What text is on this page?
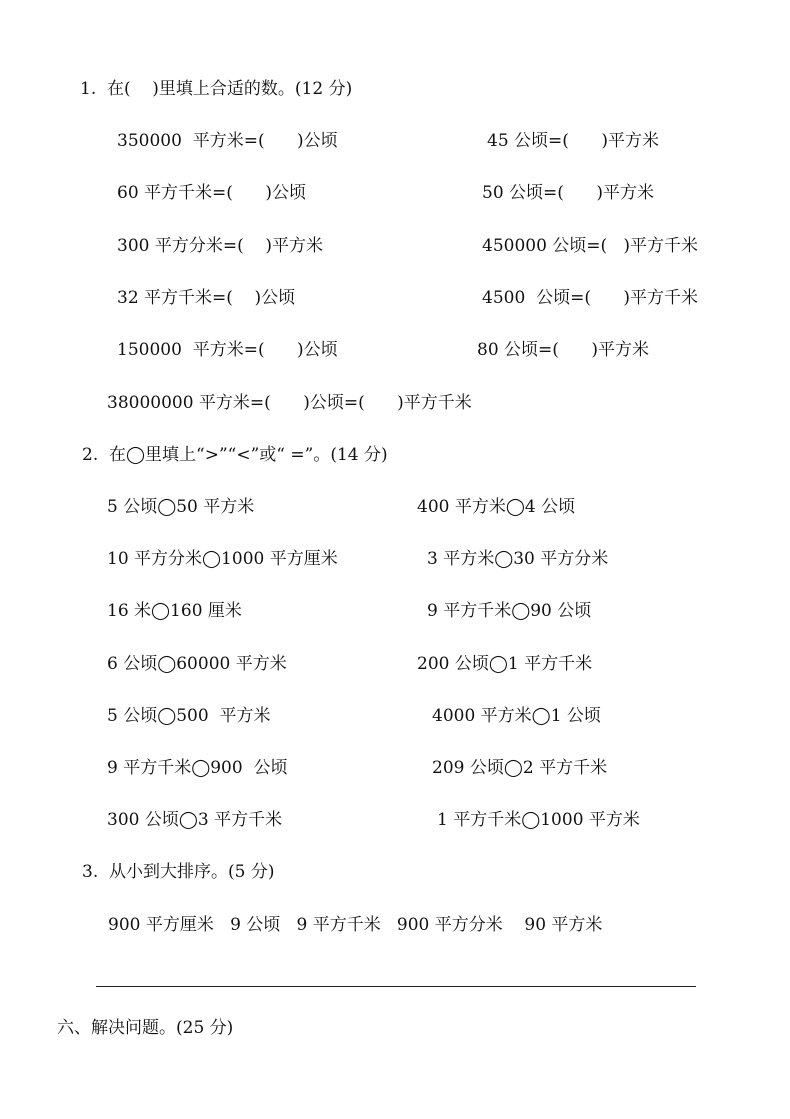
1.  在(    )里填上合适的数。(12 分)
350000  平方米=(      )公顷	45 公顷=(      )平方米
60 平方千米=(      )公顷	50 公顷=(      )平方米
300 平方分米=(    )平方米	450000 公顷=(   )平方千米
32 平方千米=(    )公顷	4500  公顷=(      )平方千米
150000  平方米=(      )公顷	80 公顷=(      )平方米
38000000 平方米=(      )公顷=(      )平方千米
2.  在◯里填上“>”“<”或“ =”。(14 分)
5 公顷◯50 平方米	400 平方米◯4 公顷
10 平方分米◯1000 平方厘米	3 平方米◯30 平方分米
16 米◯160 厘米	9 平方千米◯90 公顷
6 公顷◯60000 平方米	200 公顷◯1 平方千米
5 公顷◯500  平方米	4000 平方米◯1 公顷
9 平方千米◯900  公顷	209 公顷◯2 平方千米
300 公顷◯3 平方千米	1 平方千米◯1000 平方米
3.  从小到大排序。(5 分)
900 平方厘米   9 公顷   9 平方千米   900 平方分米    90 平方米
六、解决问题。(25 分)
